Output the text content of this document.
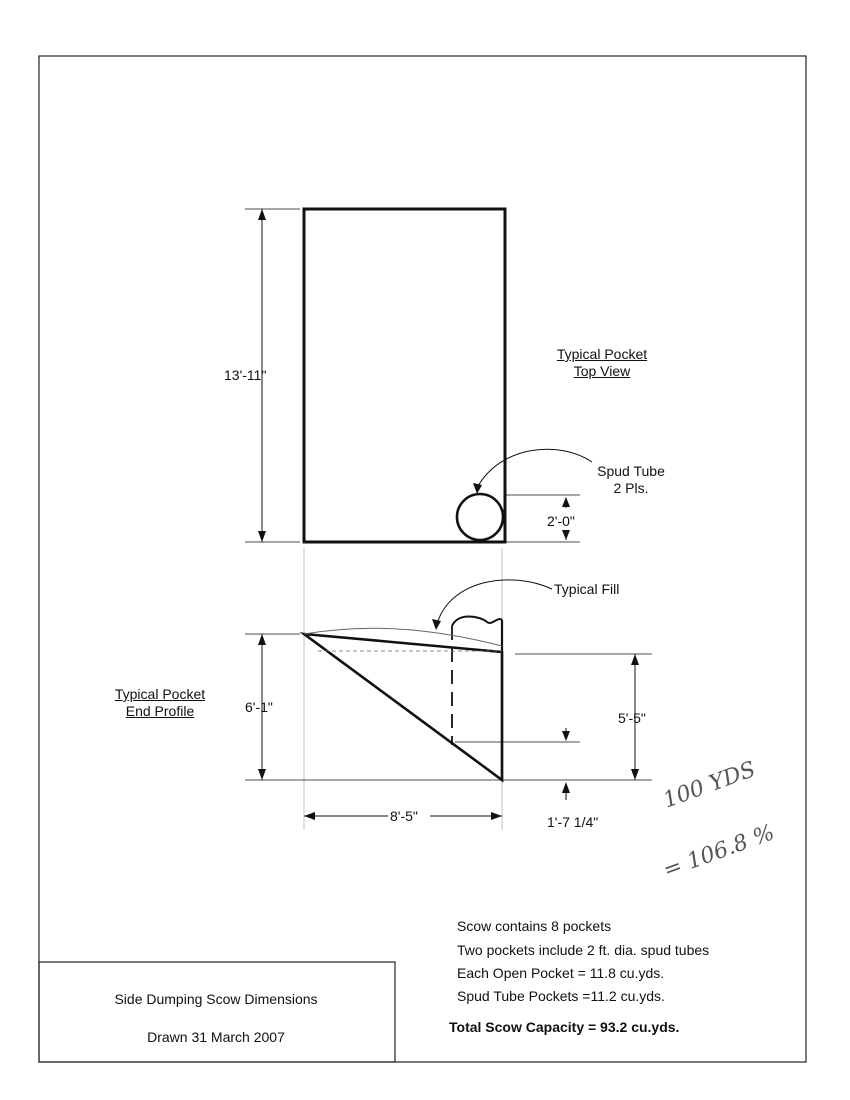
Typical Pocket
Top View
13'-11"
2'-0"
Spud Tube
2 Pls.
Typical Fill
Typical Pocket
End Profile	6'-1"
5'-5"
8'-5"	1'-7 1/4"
100 YDS
= 106.8 %
Scow contains 8 pockets
Two pockets include 2 ft. dia. spud tubes
Each Open Pocket = 11.8 cu.yds.
Spud Tube Pockets =11.2 cu.yds.
Total Scow Capacity = 93.2 cu.yds.
Side Dumping Scow Dimensions
Drawn 31 March 2007
